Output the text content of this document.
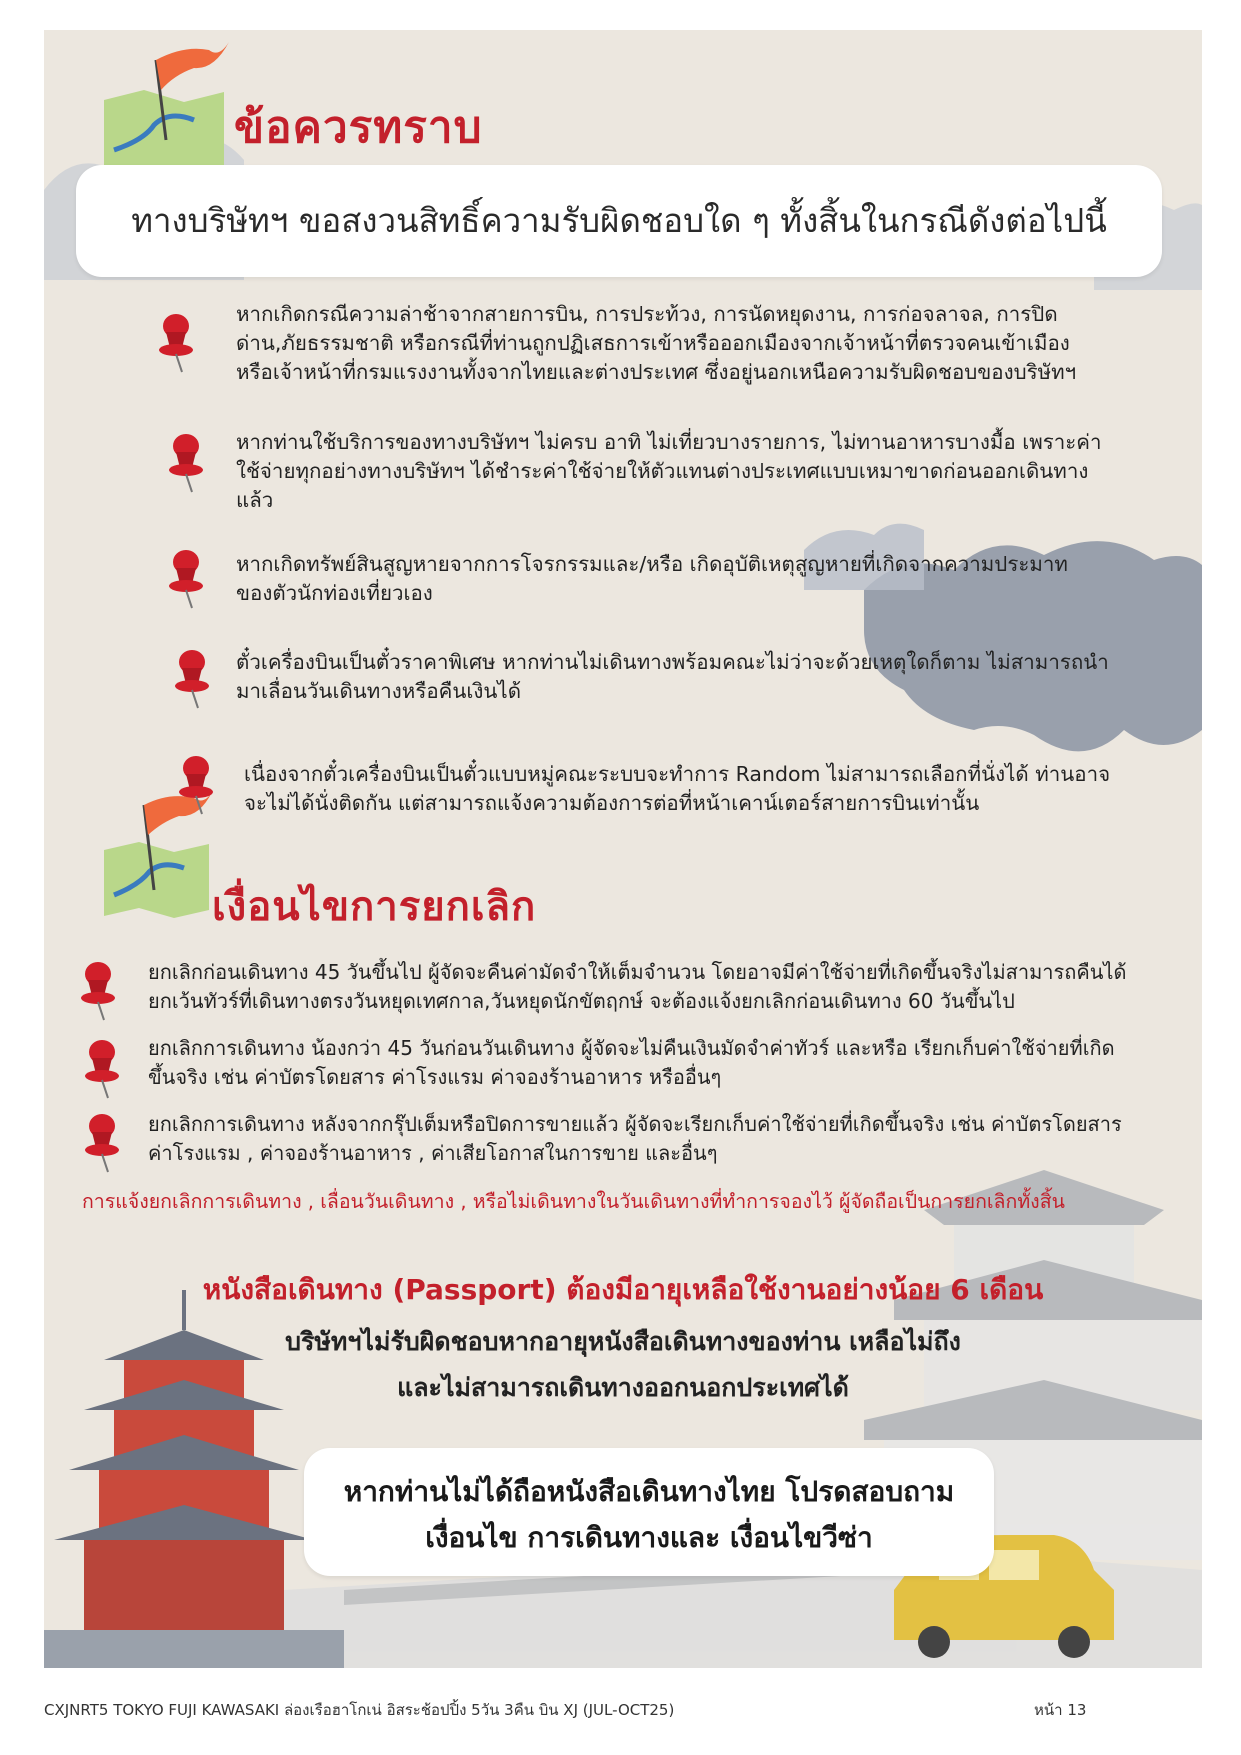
ข้อควรทราบ
ทางบริษัทฯ ขอสงวนสิทธิ์ความรับผิดชอบใด ๆ ทั้งสิ้นในกรณีดังต่อไปนี้
หากเกิดกรณีความล่าช้าจากสายการบิน, การประท้วง, การนัดหยุดงาน, การก่อจลาจล, การปิด
ด่าน,ภัยธรรมชาติ หรือกรณีที่ท่านถูกปฏิเสธการเข้าหรือออกเมืองจากเจ้าหน้าที่ตรวจคนเข้าเมือง
หรือเจ้าหน้าที่กรมแรงงานทั้งจากไทยและต่างประเทศ ซึ่งอยู่นอกเหนือความรับผิดชอบของบริษัทฯ
หากท่านใช้บริการของทางบริษัทฯ ไม่ครบ อาทิ ไม่เที่ยวบางรายการ, ไม่ทานอาหารบางมื้อ เพราะค่า
ใช้จ่ายทุกอย่างทางบริษัทฯ ได้ชำระค่าใช้จ่ายให้ตัวแทนต่างประเทศแบบเหมาขาดก่อนออกเดินทาง
แล้ว
หากเกิดทรัพย์สินสูญหายจากการโจรกรรมและ/หรือ เกิดอุบัติเหตุสูญหายที่เกิดจากความประมาท
ของตัวนักท่องเที่ยวเอง
ตั๋วเครื่องบินเป็นตั๋วราคาพิเศษ หากท่านไม่เดินทางพร้อมคณะไม่ว่าจะด้วยเหตุใดก็ตาม ไม่สามารถนำ
มาเลื่อนวันเดินทางหรือคืนเงินได้
เนื่องจากตั๋วเครื่องบินเป็นตั๋วแบบหมู่คณะระบบจะทำการ Random ไม่สามารถเลือกที่นั่งได้ ท่านอาจ
จะไม่ได้นั่งติดกัน แต่สามารถแจ้งความต้องการต่อที่หน้าเคาน์เตอร์สายการบินเท่านั้น
เงื่อนไขการยกเลิก
ยกเลิกก่อนเดินทาง 45 วันขึ้นไป ผู้จัดจะคืนค่ามัดจำให้เต็มจำนวน โดยอาจมีค่าใช้จ่ายที่เกิดขึ้นจริงไม่สามารถคืนได้
ยกเว้นทัวร์ที่เดินทางตรงวันหยุดเทศกาล,วันหยุดนักขัตฤกษ์ จะต้องแจ้งยกเลิกก่อนเดินทาง 60 วันขึ้นไป
ยกเลิกการเดินทาง น้องกว่า 45 วันก่อนวันเดินทาง ผู้จัดจะไม่คืนเงินมัดจำค่าทัวร์ และหรือ เรียกเก็บค่าใช้จ่ายที่เกิด
ขึ้นจริง เช่น ค่าบัตรโดยสาร ค่าโรงแรม ค่าจองร้านอาหาร หรืออื่นๆ
ยกเลิกการเดินทาง หลังจากกรุ๊ปเต็มหรือปิดการขายแล้ว ผู้จัดจะเรียกเก็บค่าใช้จ่ายที่เกิดขึ้นจริง เช่น ค่าบัตรโดยสาร
ค่าโรงแรม , ค่าจองร้านอาหาร , ค่าเสียโอกาสในการขาย และอื่นๆ
การแจ้งยกเลิกการเดินทาง , เลื่อนวันเดินทาง , หรือไม่เดินทางในวันเดินทางที่ทำการจองไว้ ผู้จัดถือเป็นการยกเลิกทั้งสิ้น
หนังสือเดินทาง (Passport) ต้องมีอายุเหลือใช้งานอย่างน้อย 6 เดือน
บริษัทฯไม่รับผิดชอบหากอายุหนังสือเดินทางของท่าน เหลือไม่ถึง
และไม่สามารถเดินทางออกนอกประเทศได้
หากท่านไม่ได้ถือหนังสือเดินทางไทย โปรดสอบถาม
เงื่อนไข การเดินทางและ เงื่อนไขวีซ่า
CXJNRT5 TOKYO FUJI KAWASAKI ล่องเรือฮาโกเน่ อิสระช้อปปิ้ง 5วัน 3คืน บิน XJ (JUL-OCT25)	หน้า 13
